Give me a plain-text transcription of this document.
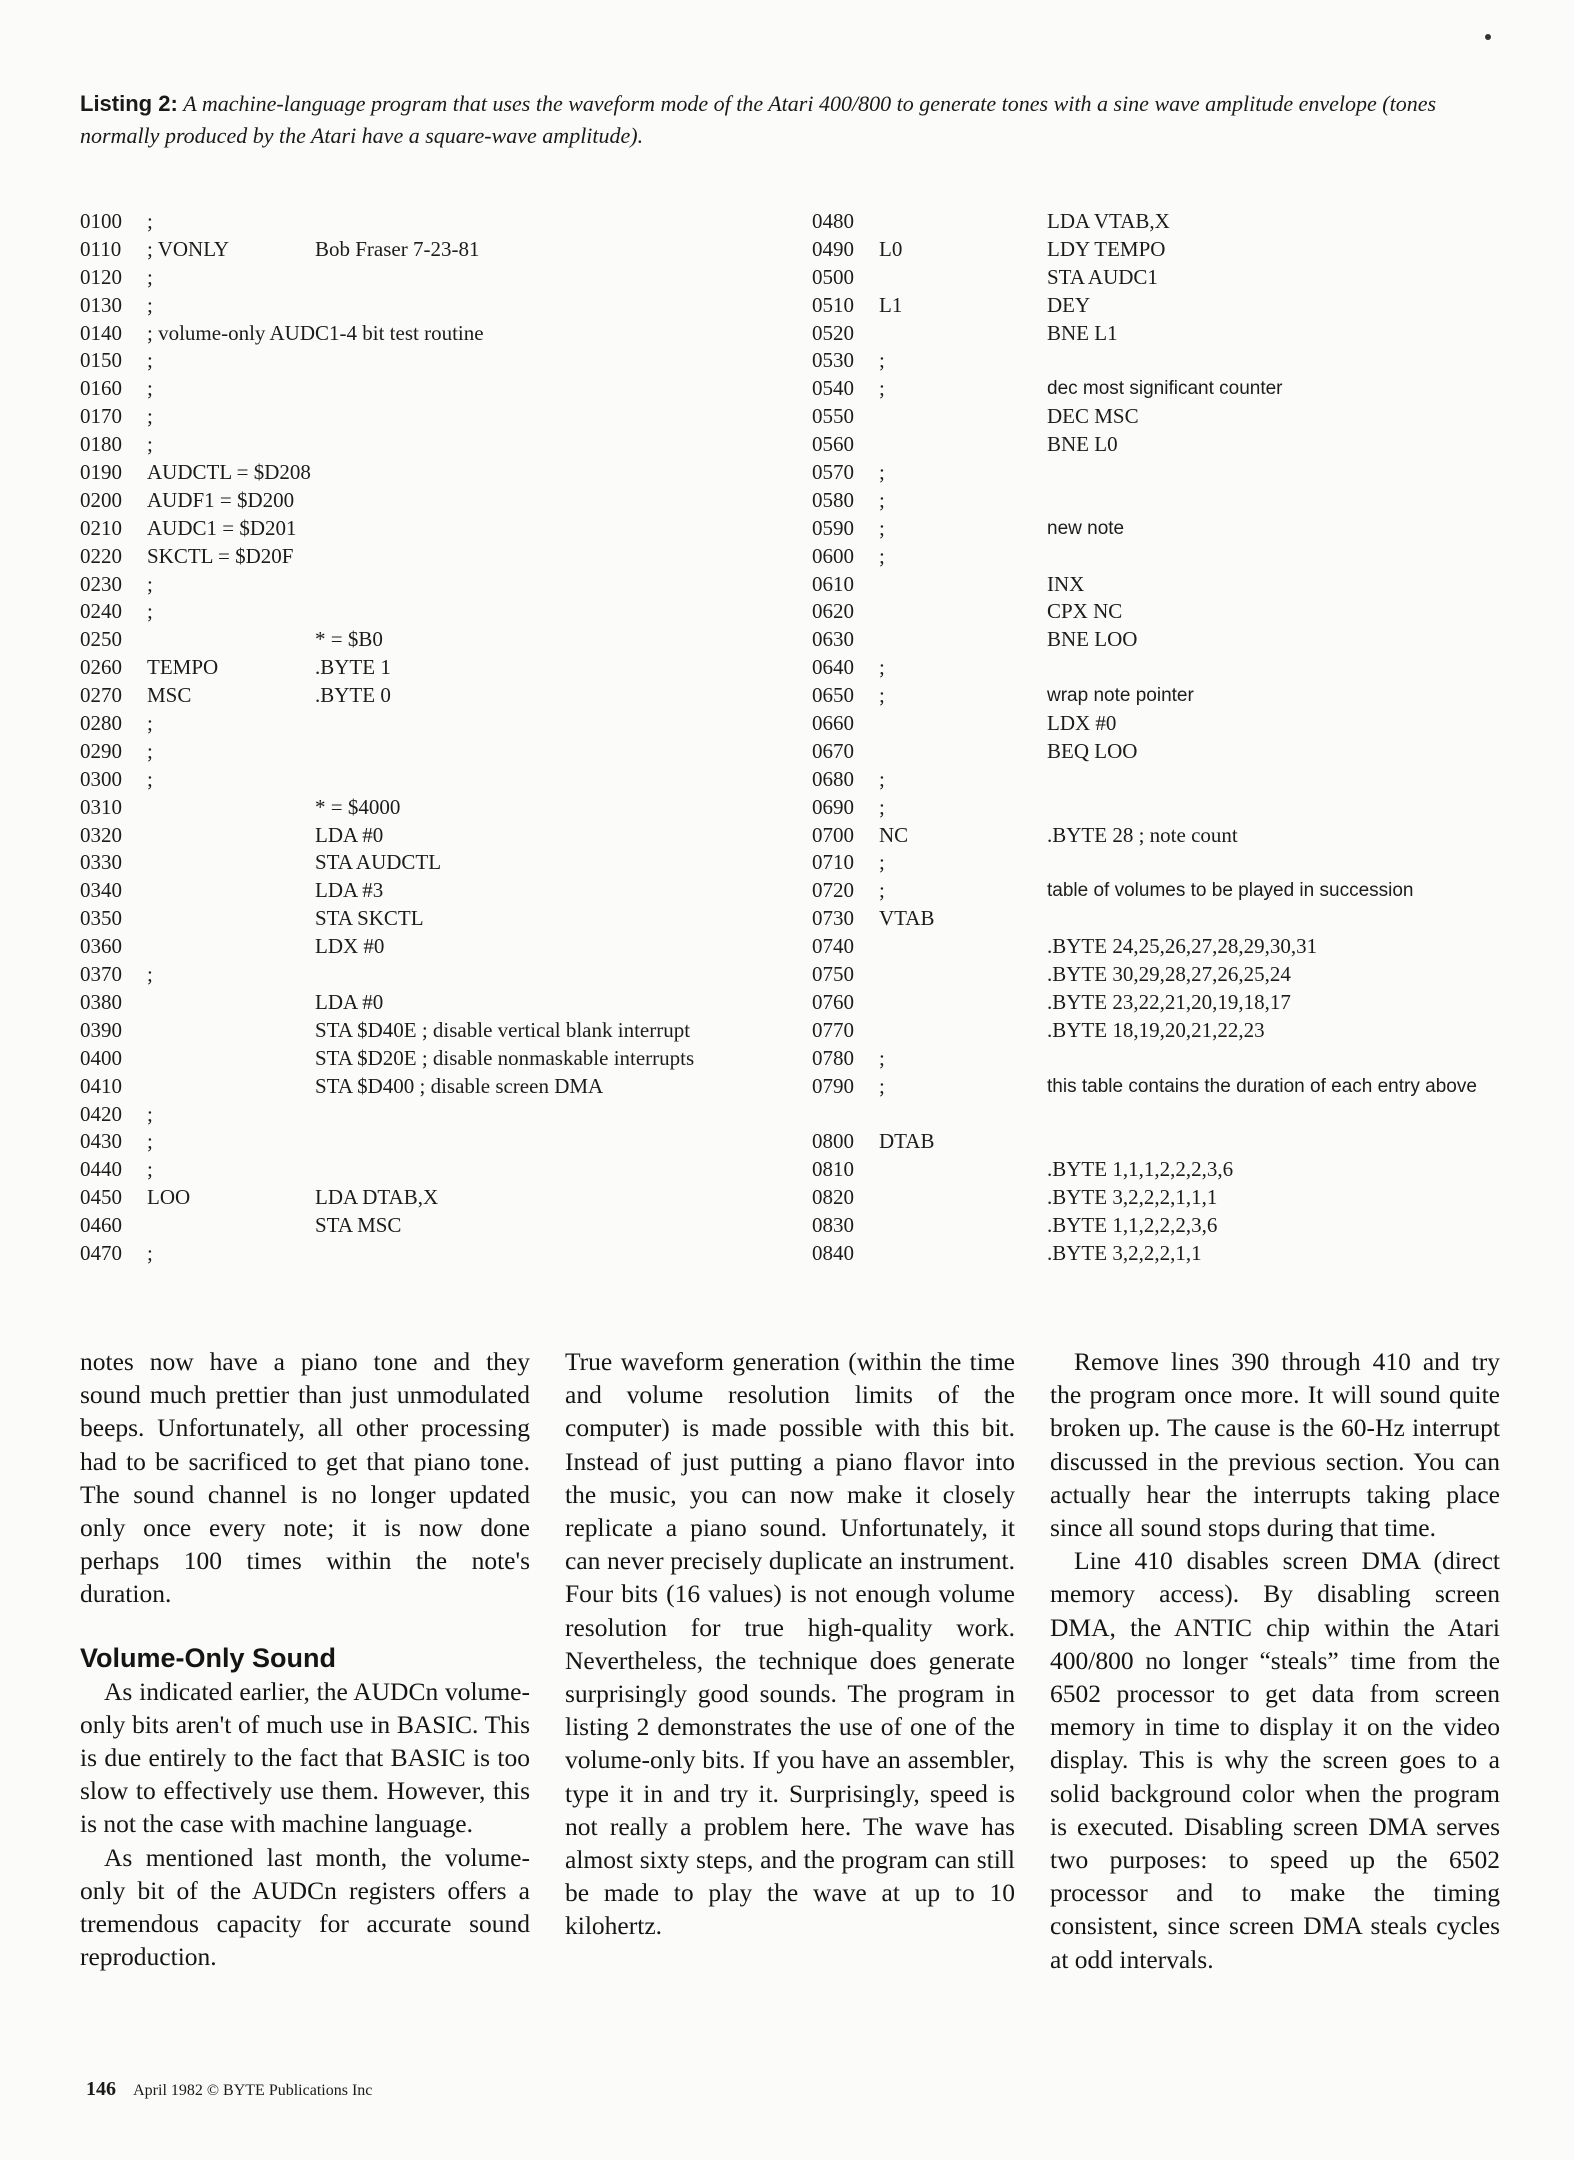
Listing 2: A machine-language program that uses the waveform mode of the Atari 400/800 to generate tones with a sine wave amplitude envelope (tones normally produced by the Atari have a square-wave amplitude).
0100 ;
0110 ; VONLY	Bob Fraser 7-23-81
0120 ;
0130 ;
0140 ; volume-only AUDC1-4 bit test routine
0150 ;
0160 ;
0170 ;
0180 ;
0190 AUDCTL = $D208
0200 AUDF1 = $D200
0210 AUDC1 = $D201
0220 SKCTL = $D20F
0230 ;
0240 ;
0250	* = $B0
0260 TEMPO	.BYTE 1
0270 MSC	.BYTE 0
0280 ;
0290 ;
0300 ;
0310	* = $4000
0320	LDA #0
0330	STA AUDCTL
0340	LDA #3
0350	STA SKCTL
0360	LDX #0
0370 ;
0380	LDA #0
0390	STA $D40E ; disable vertical blank interrupt
0400	STA $D20E ; disable nonmaskable interrupts
0410	STA $D400 ; disable screen DMA
0420 ;
0430 ;
0440 ;
0450 LOO	LDA DTAB,X
0460	STA MSC
0470 ;
0480	LDA VTAB,X
0490 L0	LDY TEMPO
0500	STA AUDC1
0510 L1	DEY
0520	BNE L1
0530 ;
0540 ;	dec most significant counter
0550	DEC MSC
0560	BNE L0
0570 ;
0580 ;
0590 ;	new note
0600 ;
0610	INX
0620	CPX NC
0630	BNE LOO
0640 ;
0650 ;	wrap note pointer
0660	LDX #0
0670	BEQ LOO
0680 ;
0690 ;
0700 NC	.BYTE 28 ; note count
0710 ;
0720 ;	table of volumes to be played in succession
0730 VTAB
0740	.BYTE 24,25,26,27,28,29,30,31
0750	.BYTE 30,29,28,27,26,25,24
0760	.BYTE 23,22,21,20,19,18,17
0770	.BYTE 18,19,20,21,22,23
0780 ;
0790 ;	this table contains the duration of each entry above
0800 DTAB
0810	.BYTE 1,1,1,2,2,2,3,6
0820	.BYTE 3,2,2,2,1,1,1
0830	.BYTE 1,1,2,2,2,3,6
0840	.BYTE 3,2,2,2,1,1

notes now have a piano tone and they sound much prettier than just unmodulated beeps. Unfortunately, all other processing had to be sacrificed to get that piano tone. The sound channel is no longer updated only once every note; it is now done perhaps 100 times within the note's duration.

Volume-Only Sound

As indicated earlier, the AUDCn volume-only bits aren't of much use in BASIC. This is due entirely to the fact that BASIC is too slow to effectively use them. However, this is not the case with machine language.

As mentioned last month, the volume-only bit of the AUDCn registers offers a tremendous capacity for accurate sound reproduction.

True waveform generation (within the time and volume resolution limits of the computer) is made possible with this bit. Instead of just putting a piano flavor into the music, you can now make it closely replicate a piano sound. Unfortunately, it can never precisely duplicate an instrument. Four bits (16 values) is not enough volume resolution for true high-quality work. Nevertheless, the technique does generate surprisingly good sounds. The program in listing 2 demonstrates the use of one of the volume-only bits. If you have an assembler, type it in and try it. Surprisingly, speed is not really a problem here. The wave has almost sixty steps, and the program can still be made to play the wave at up to 10 kilohertz.

Remove lines 390 through 410 and try the program once more. It will sound quite broken up. The cause is the 60-Hz interrupt discussed in the previous section. You can actually hear the interrupts taking place since all sound stops during that time.

Line 410 disables screen DMA (direct memory access). By disabling screen DMA, the ANTIC chip within the Atari 400/800 no longer “steals” time from the 6502 processor to get data from screen memory in time to display it on the video display. This is why the screen goes to a solid background color when the program is executed. Disabling screen DMA serves two purposes: to speed up the 6502 processor and to make the timing consistent, since screen DMA steals cycles at odd intervals.

146 April 1982 © BYTE Publications Inc
